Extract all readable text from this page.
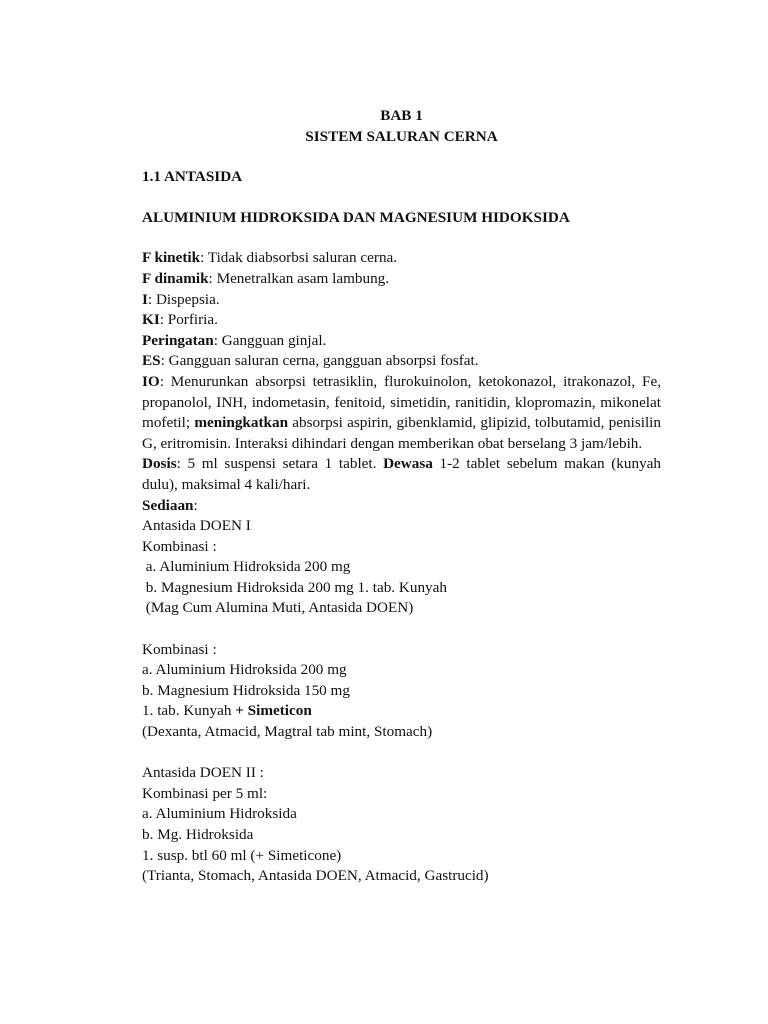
BAB 1
SISTEM SALURAN CERNA
1.1 ANTASIDA
ALUMINIUM HIDROKSIDA DAN MAGNESIUM HIDOKSIDA
F kinetik: Tidak diabsorbsi saluran cerna.
F dinamik: Menetralkan asam lambung.
I: Dispepsia.
KI: Porfiria.
Peringatan: Gangguan ginjal.
ES: Gangguan saluran cerna, gangguan absorpsi fosfat.
IO: Menurunkan absorpsi tetrasiklin, flurokuinolon, ketokonazol, itrakonazol, Fe, propanolol, INH, indometasin, fenitoid, simetidin, ranitidin, klopromazin, mikonelat mofetil; meningkatkan absorpsi aspirin, gibenklamid, glipizid, tolbutamid, penisilin G, eritromisin. Interaksi dihindari dengan memberikan obat berselang 3 jam/lebih.
Dosis: 5 ml suspensi setara 1 tablet. Dewasa 1-2 tablet sebelum makan (kunyah dulu), maksimal 4 kali/hari.
Sediaan:
Antasida DOEN I
Kombinasi :
a. Aluminium Hidroksida 200 mg
b. Magnesium Hidroksida 200 mg 1. tab. Kunyah
(Mag Cum Alumina Muti, Antasida DOEN)
Kombinasi :
a. Aluminium Hidroksida 200 mg
b. Magnesium Hidroksida 150 mg
1. tab. Kunyah + Simeticon
(Dexanta, Atmacid, Magtral tab mint, Stomach)
Antasida DOEN II :
Kombinasi per 5 ml:
a. Aluminium Hidroksida
b. Mg. Hidroksida
1. susp. btl 60 ml (+ Simeticone)
(Trianta, Stomach, Antasida DOEN, Atmacid, Gastrucid)
